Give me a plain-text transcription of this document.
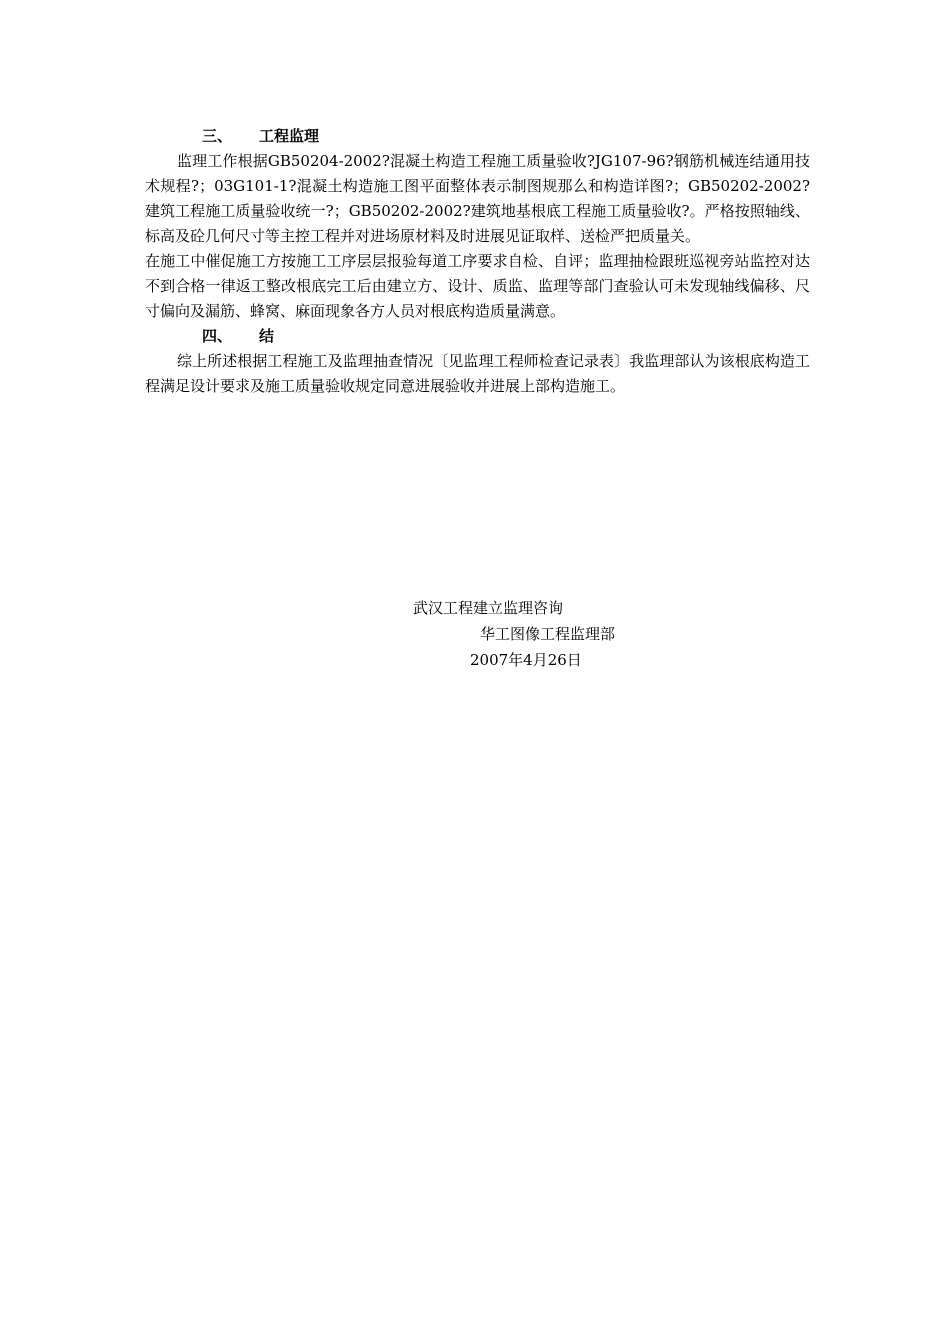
三、 工程监理

监理工作根据GB50204-2002?混凝土构造工程施工质量验收?JG107-96?钢筋机械连结通用技术规程?；03G101-1?混凝土构造施工图平面整体表示制图规那么和构造详图?；GB50202-2002?建筑工程施工质量验收统一?；GB50202-2002?建筑地基根底工程施工质量验收?。严格按照轴线、标高及砼几何尺寸等主控工程并对进场原材料及时进展见证取样、送检严把质量关。

在施工中催促施工方按施工工序层层报验每道工序要求自检、自评；监理抽检跟班巡视旁站监控对达不到合格一律返工整改根底完工后由建立方、设计、质监、监理等部门查验认可未发现轴线偏移、尺寸偏向及漏筋、蜂窝、麻面现象各方人员对根底构造质量满意。

四、 结

综上所述根据工程施工及监理抽查情况〔见监理工程师检查记录表〕我监理部认为该根底构造工程满足设计要求及施工质量验收规定同意进展验收并进展上部构造施工。

武汉工程建立监理咨询
华工图像工程监理部
2007年4月26日
